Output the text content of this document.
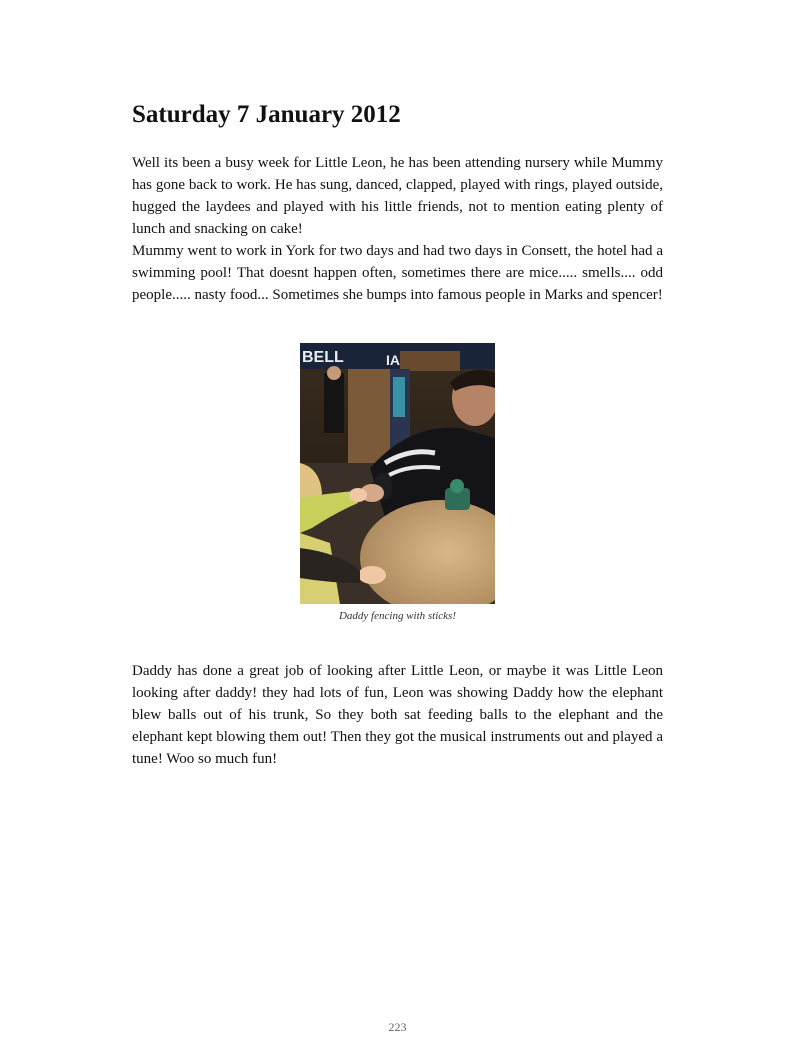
Saturday 7 January 2012

Well its been a busy week for Little Leon, he has been attending nursery while Mummy has gone back to work. He has sung, danced, clapped, played with rings, played outside, hugged the laydees and played with his little friends, not to mention eating plenty of lunch and snacking on cake!

Mummy went to work in York for two days and had two days in Consett, the hotel had a swimming pool! That doesnt happen often, sometimes there are mice..... smells.... odd people..... nasty food... Sometimes she bumps into famous people in Marks and spencer!

BELL	IA

Daddy fencing with sticks!

Daddy has done a great job of looking after Little Leon, or maybe it was Little Leon looking after daddy! they had lots of fun, Leon was showing Daddy how the elephant blew balls out of his trunk, So they both sat feeding balls to the elephant and the elephant kept blowing them out! Then they got the musical instruments out and played a tune! Woo so much fun!

223
